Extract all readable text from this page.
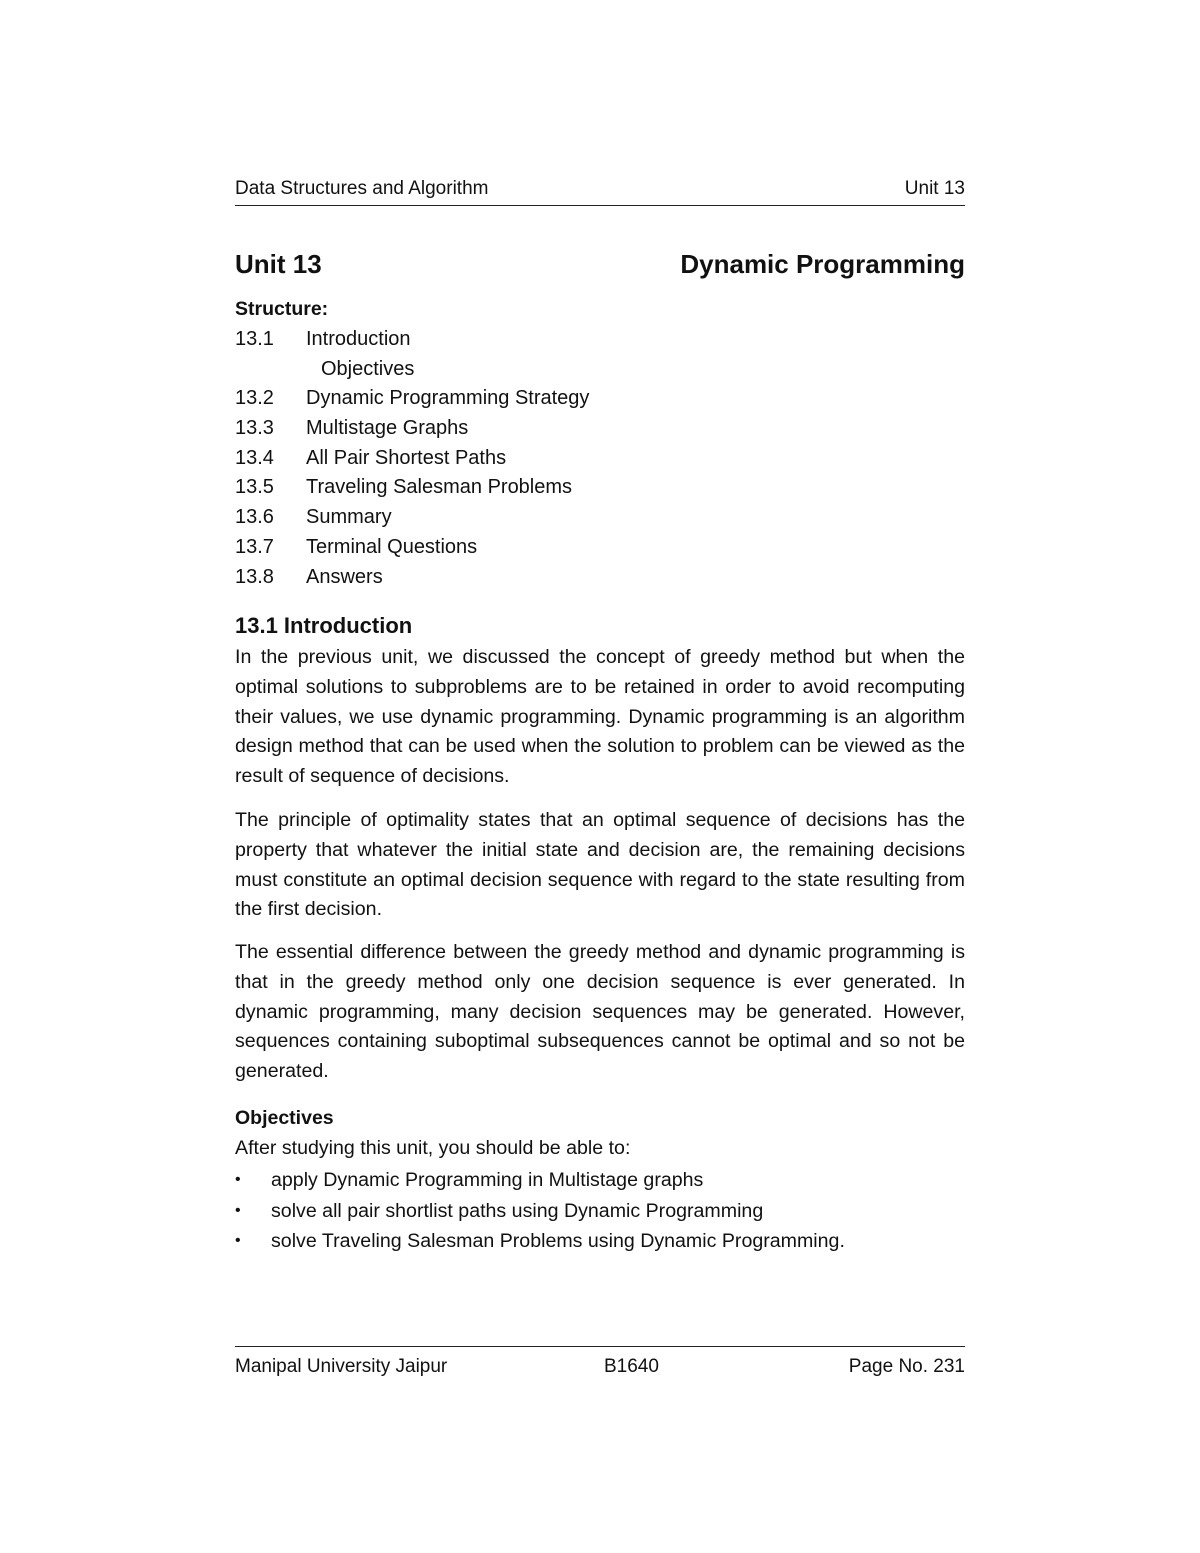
Data Structures and Algorithm	Unit 13
Unit 13	Dynamic Programming
Structure:
13.1 Introduction
Objectives
13.2 Dynamic Programming Strategy
13.3 Multistage Graphs
13.4 All Pair Shortest Paths
13.5 Traveling Salesman Problems
13.6 Summary
13.7 Terminal Questions
13.8 Answers
13.1 Introduction

In the previous unit, we discussed the concept of greedy method but when the optimal solutions to subproblems are to be retained in order to avoid recomputing their values, we use dynamic programming. Dynamic programming is an algorithm design method that can be used when the solution to problem can be viewed as the result of sequence of decisions.

The principle of optimality states that an optimal sequence of decisions has the property that whatever the initial state and decision are, the remaining decisions must constitute an optimal decision sequence with regard to the state resulting from the first decision.

The essential difference between the greedy method and dynamic programming is that in the greedy method only one decision sequence is ever generated. In dynamic programming, many decision sequences may be generated. However, sequences containing suboptimal subsequences cannot be optimal and so not be generated.

Objectives
After studying this unit, you should be able to:
• apply Dynamic Programming in Multistage graphs
• solve all pair shortlist paths using Dynamic Programming
• solve Traveling Salesman Problems using Dynamic Programming.
Manipal University Jaipur	B1640	Page No. 231
